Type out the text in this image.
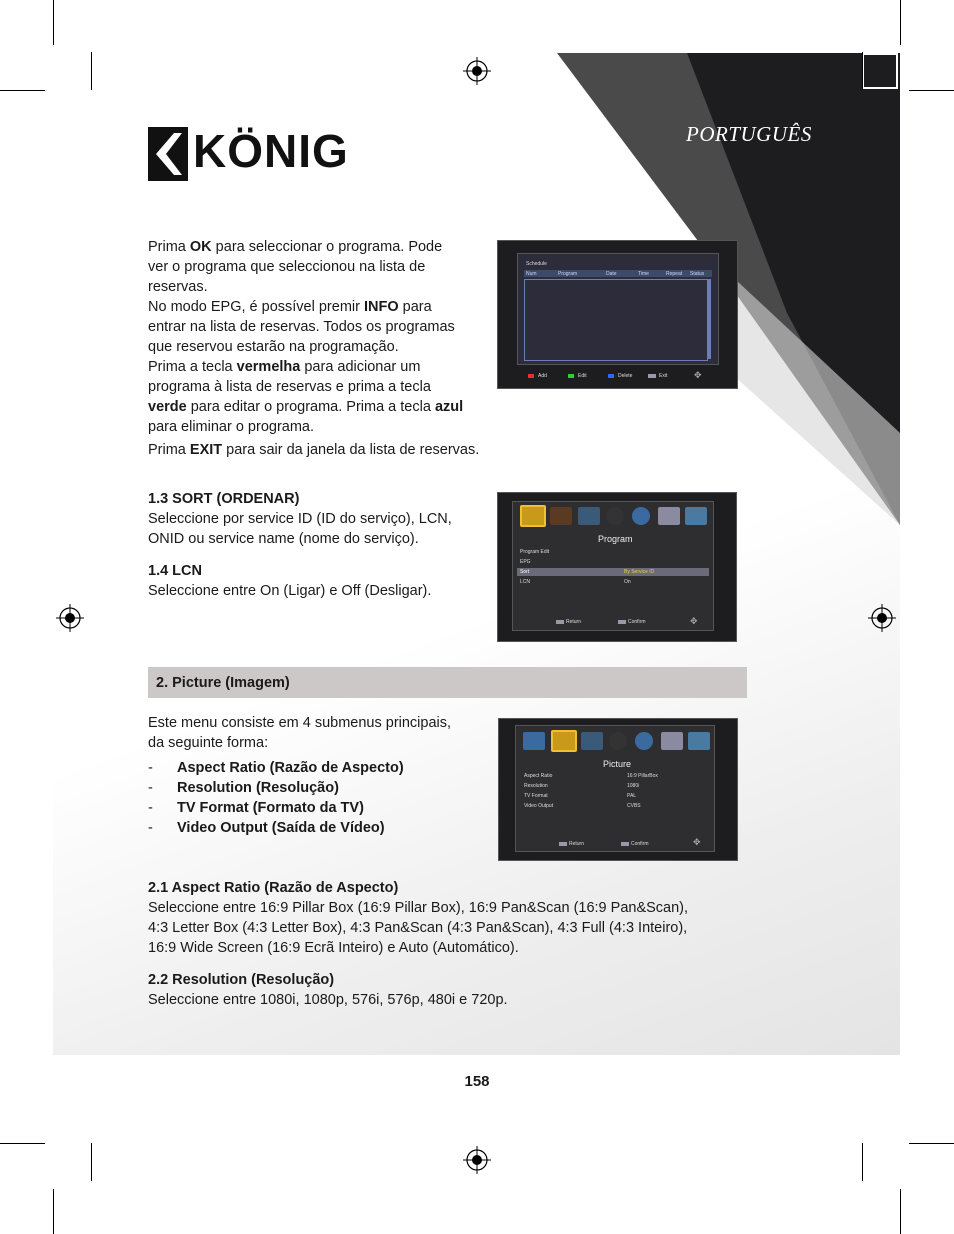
PORTUGUÊS
KÖNIG
Prima OK para seleccionar o programa. Pode
ver o programa que seleccionou na lista de
reservas.
No modo EPG, é possível premir INFO para
entrar na lista de reservas. Todos os programas
que reservou estarão na programação.
Prima a tecla vermelha para adicionar um
programa à lista de reservas e prima a tecla
verde para editar o programa. Prima a tecla azul
para eliminar o programa.
Prima EXIT para sair da janela da lista de reservas.
Schedule
Num	Program	Date	Time	Repeat Status
Add	Edit	Delete	Exit	✥
1.3 SORT (ORDENAR)
Seleccione por service ID (ID do serviço), LCN,
ONID ou service name (nome do serviço).
1.4 LCN
Seleccione entre On (Ligar) e Off (Desligar).
Program
Program Edit
EPG
Sort	By Service ID
LCN	On
Return	Confirm	✥
2. Picture (Imagem)
Este menu consiste em 4 submenus principais,
da seguinte forma:
- Aspect Ratio (Razão de Aspecto)
- Resolution (Resolução)
- TV Format (Formato da TV)
- Video Output (Saída de Vídeo)
Picture
Aspect Ratio	16:9 PillarBox
Resolution	1080i
TV Format	PAL
Video Output	CVBS
Return	Confirm	✥
2.1 Aspect Ratio (Razão de Aspecto)
Seleccione entre 16:9 Pillar Box (16:9 Pillar Box), 16:9 Pan&Scan (16:9 Pan&Scan),
4:3 Letter Box (4:3 Letter Box), 4:3 Pan&Scan (4:3 Pan&Scan), 4:3 Full (4:3 Inteiro),
16:9 Wide Screen (16:9 Ecrã Inteiro) e Auto (Automático).
2.2 Resolution (Resolução)
Seleccione entre 1080i, 1080p, 576i, 576p, 480i e 720p.
158
